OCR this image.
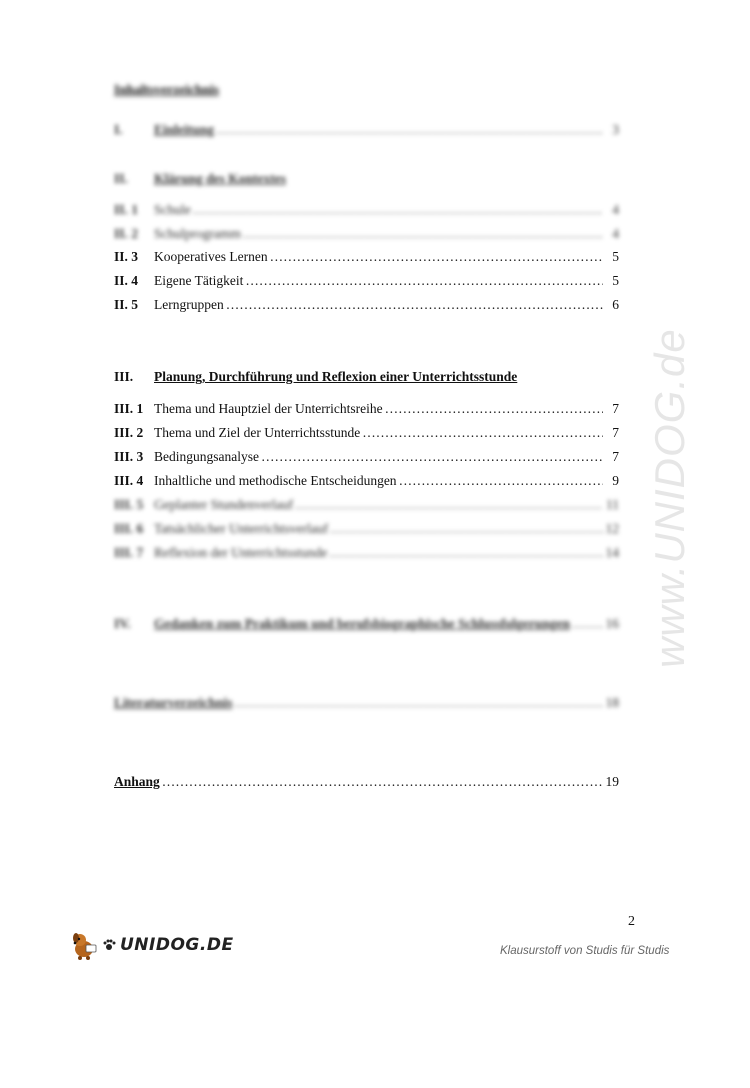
Inhaltsverzeichnis
I.	Einleitung ………………………………………………………………………………………………………………………………………………………	3
II.	Klärung des Kontextes
II. 1	Schule ………………………………………………………………………………………………………………………………………………………	4
II. 2	Schulprogramm ………………………………………………………………………………………………………………………………………………………	4
II. 3	Kooperatives Lernen ………………………………………………………………………………………………………………………………………………………	5
II. 4	Eigene Tätigkeit ………………………………………………………………………………………………………………………………………………………	5
II. 5	Lerngruppen ………………………………………………………………………………………………………………………………………………………	6
III.	Planung, Durchführung und Reflexion einer Unterrichtsstunde
III. 1 Thema und Hauptziel der Unterrichtsreihe ………………………………………………………………………………………………………………………………………………………	7
III. 2 Thema und Ziel der Unterrichtsstunde ………………………………………………………………………………………………………………………………………………………	7
III. 3 Bedingungsanalyse ………………………………………………………………………………………………………………………………………………………	7
III. 4 Inhaltliche und methodische Entscheidungen ………………………………………………………………………………………………………………………………………………………	9
III. 5 Geplanter Stundenverlauf ………………………………………………………………………………………………………………………………………………………	11
III. 6 Tatsächlicher Unterrichtsverlauf ………………………………………………………………………………………………………………………………………………………	12
III. 7 Reflexion der Unterrichtsstunde ………………………………………………………………………………………………………………………………………………………	14
IV.	Gedanken zum Praktikum und berufsbiographische Schlussfolgerungen ………………………………………………………………………………………………………………………………………………………	16
Literaturverzeichnis ………………………………………………………………………………………………………………………………………………………	18
Anhang ………………………………………………………………………………………………………………………………………………………	19
www.UNIDOG.de
2
UNIDOG.DE	Klausurstoff von Studis für Studis
